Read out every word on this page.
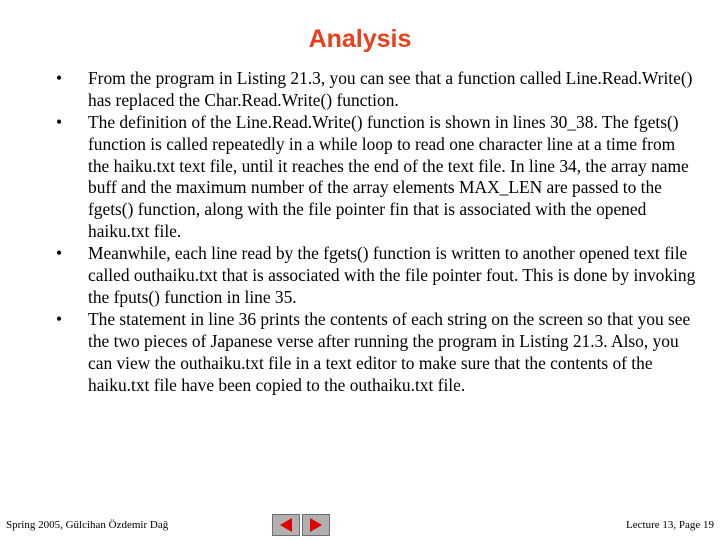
Analysis
• From the program in Listing 21.3, you can see that a function called Line.Read.Write() has replaced the Char.Read.Write() function.
• The definition of the Line.Read.Write() function is shown in lines 30_38. The fgets() function is called repeatedly in a while loop to read one character line at a time from the haiku.txt text file, until it reaches the end of the text file. In line 34, the array name buff and the maximum number of the array elements MAX_LEN are passed to the fgets() function, along with the file pointer fin that is associated with the opened haiku.txt file.
• Meanwhile, each line read by the fgets() function is written to another opened text file called outhaiku.txt that is associated with the file pointer fout. This is done by invoking the fputs() function in line 35.
• The statement in line 36 prints the contents of each string on the screen so that you see the two pieces of Japanese verse after running the program in Listing 21.3. Also, you can view the outhaiku.txt file in a text editor to make sure that the contents of the haiku.txt file have been copied to the outhaiku.txt file.
Spring 2005, Gülcihan Özdemir Dağ	Lecture 13, Page 19
